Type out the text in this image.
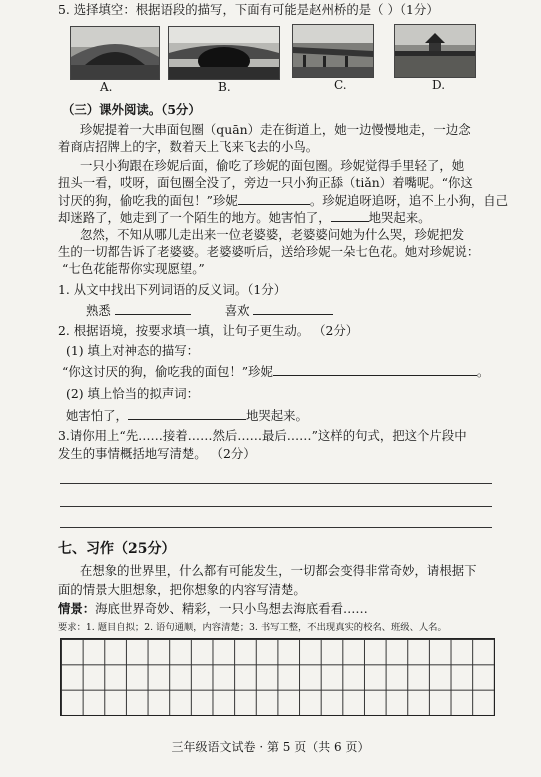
5. 选择填空：根据语段的描写，下面有可能是赵州桥的是（ ）（1分）
A.	B.	C.	D.
（三）课外阅读。（5分）
珍妮提着一大串面包圈（quān）走在街道上，她一边慢慢地走，一边念
着商店招牌上的字，数着天上飞来飞去的小鸟。
一只小狗跟在珍妮后面，偷吃了珍妮的面包圈。珍妮觉得手里轻了，她
扭头一看，哎呀，面包圈全没了，旁边一只小狗正舔（tiǎn）着嘴呢。“你这
讨厌的狗，偷吃我的面包！”珍妮	。珍妮追呀追呀，追不上小狗，自己
却迷路了，她走到了一个陌生的地方。她害怕了，	地哭起来。
忽然，不知从哪儿走出来一位老婆婆，老婆婆问她为什么哭，珍妮把发
生的一切都告诉了老婆婆。老婆婆听后，送给珍妮一朵七色花。她对珍妮说：
“七色花能帮你实现愿望。”
1. 从文中找出下列词语的反义词。（1分）
熟悉	喜欢
2. 根据语境，按要求填一填，让句子更生动。 （2分）
(1) 填上对神态的描写：
“你这讨厌的狗，偷吃我的面包！”珍妮	。
(2) 填上恰当的拟声词：
她害怕了，	地哭起来。
3.请你用上“先……接着……然后……最后……”这样的句式，把这个片段中
发生的事情概括地写清楚。 （2分）
七、习作（25分）
在想象的世界里，什么都有可能发生，一切都会变得非常奇妙，请根据下
面的情景大胆想象，把你想象的内容写清楚。
情景：海底世界奇妙、精彩，一只小鸟想去海底看看……
要求：1. 题目自拟；2. 语句通顺，内容清楚；3. 书写工整，不出现真实的校名、班级、人名。
三年级语文试卷 · 第 5 页（共 6 页）
